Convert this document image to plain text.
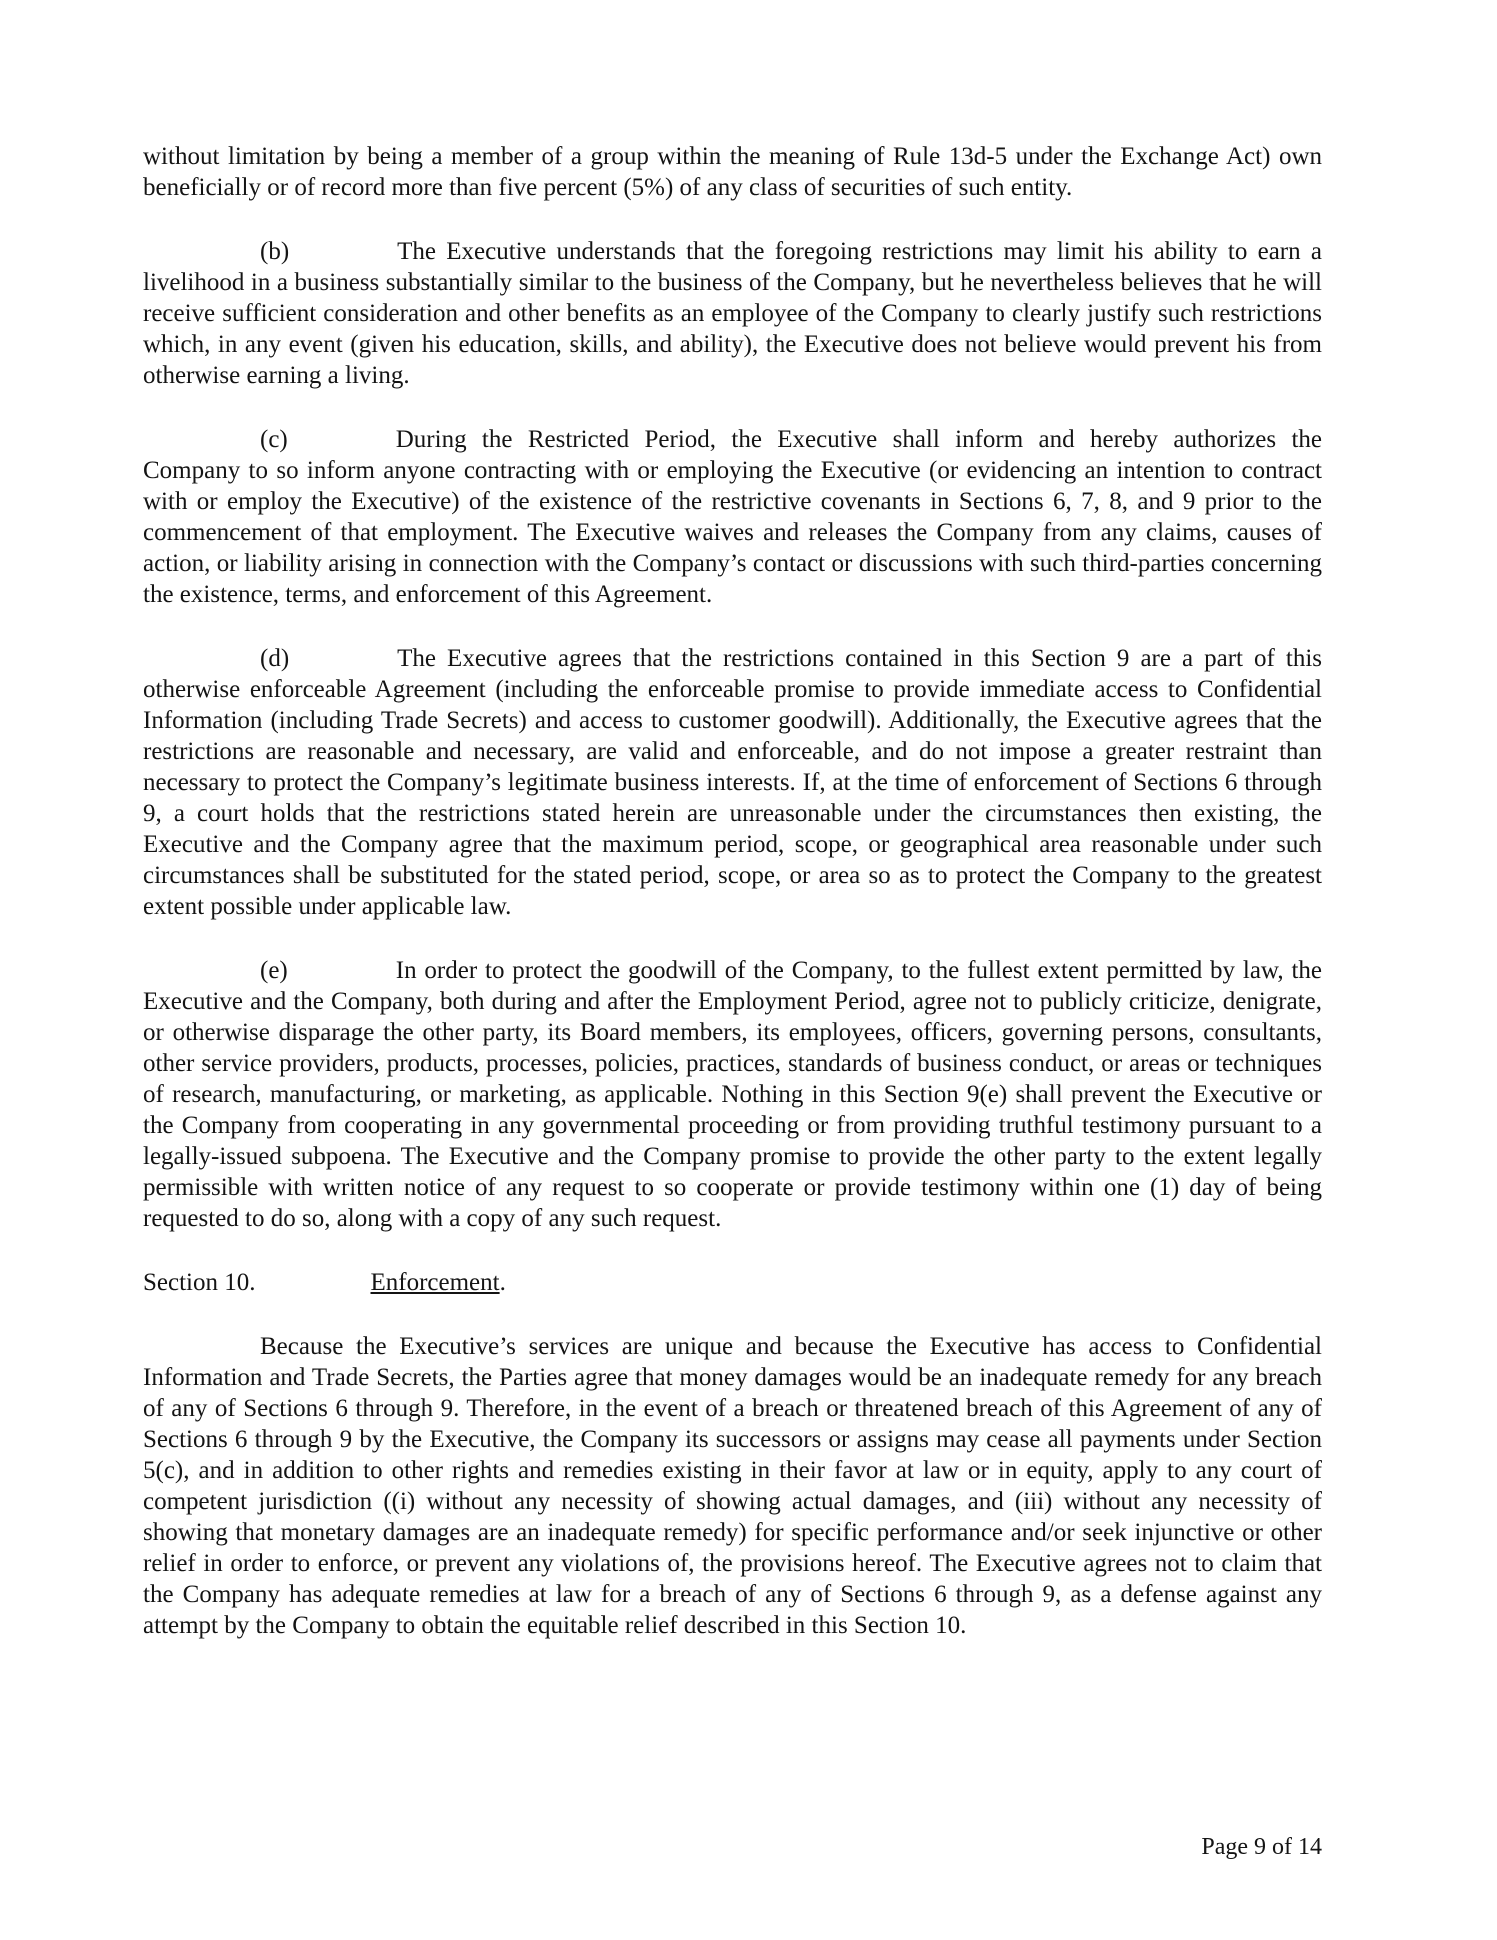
without limitation by being a member of a group within the meaning of Rule 13d-5 under the Exchange Act) own beneficially or of record more than five percent (5%) of any class of securities of such entity.

(b)	The Executive understands that the foregoing restrictions may limit his ability to earn a livelihood in a business substantially similar to the business of the Company, but he nevertheless believes that he will receive sufficient consideration and other benefits as an employee of the Company to clearly justify such restrictions which, in any event (given his education, skills, and ability), the Executive does not believe would prevent his from otherwise earning a living.

(c)	During the Restricted Period, the Executive shall inform and hereby authorizes the Company to so inform anyone contracting with or employing the Executive (or evidencing an intention to contract with or employ the Executive) of the existence of the restrictive covenants in Sections 6, 7, 8, and 9 prior to the commencement of that employment. The Executive waives and releases the Company from any claims, causes of action, or liability arising in connection with the Company’s contact or discussions with such third-parties concerning the existence, terms, and enforcement of this Agreement.

(d)	The Executive agrees that the restrictions contained in this Section 9 are a part of this otherwise enforceable Agreement (including the enforceable promise to provide immediate access to Confidential Information (including Trade Secrets) and access to customer goodwill). Additionally, the Executive agrees that the restrictions are reasonable and necessary, are valid and enforceable, and do not impose a greater restraint than necessary to protect the Company’s legitimate business interests. If, at the time of enforcement of Sections 6 through 9, a court holds that the restrictions stated herein are unreasonable under the circumstances then existing, the Executive and the Company agree that the maximum period, scope, or geographical area reasonable under such circumstances shall be substituted for the stated period, scope, or area so as to protect the Company to the greatest extent possible under applicable law.

(e)	In order to protect the goodwill of the Company, to the fullest extent permitted by law, the Executive and the Company, both during and after the Employment Period, agree not to publicly criticize, denigrate, or otherwise disparage the other party, its Board members, its employees, officers, governing persons, consultants, other service providers, products, processes, policies, practices, standards of business conduct, or areas or techniques of research, manufacturing, or marketing, as applicable. Nothing in this Section 9(e) shall prevent the Executive or the Company from cooperating in any governmental proceeding or from providing truthful testimony pursuant to a legally-issued subpoena. The Executive and the Company promise to provide the other party to the extent legally permissible with written notice of any request to so cooperate or provide testimony within one (1) day of being requested to do so, along with a copy of any such request.

Section 10.	Enforcement.

Because the Executive’s services are unique and because the Executive has access to Confidential Information and Trade Secrets, the Parties agree that money damages would be an inadequate remedy for any breach of any of Sections 6 through 9. Therefore, in the event of a breach or threatened breach of this Agreement of any of Sections 6 through 9 by the Executive, the Company its successors or assigns may cease all payments under Section 5(c), and in addition to other rights and remedies existing in their favor at law or in equity, apply to any court of competent jurisdiction ((i) without any necessity of showing actual damages, and (iii) without any necessity of showing that monetary damages are an inadequate remedy) for specific performance and/or seek injunctive or other relief in order to enforce, or prevent any violations of, the provisions hereof. The Executive agrees not to claim that the Company has adequate remedies at law for a breach of any of Sections 6 through 9, as a defense against any attempt by the Company to obtain the equitable relief described in this Section 10.

Page 9 of 14
